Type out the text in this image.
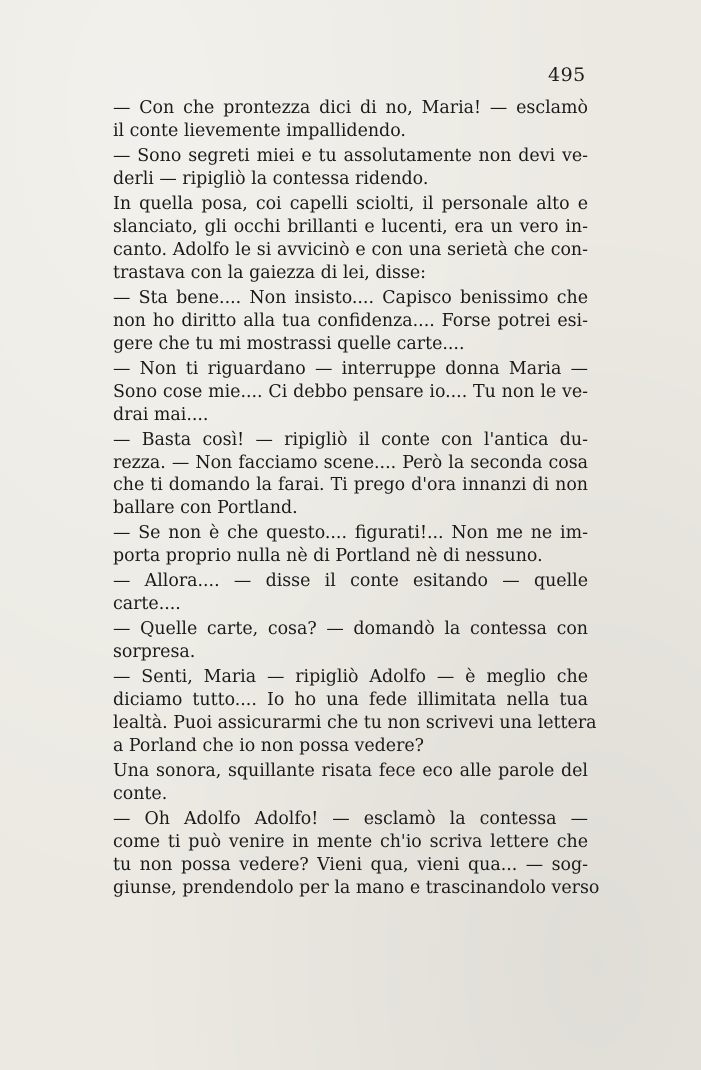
495

— Con che prontezza dici di no, Maria! — esclamò
il conte lievemente impallidendo.

— Sono segreti miei e tu assolutamente non devi ve-
derli — ripigliò la contessa ridendo.

In quella posa, coi capelli sciolti, il personale alto e
slanciato, gli occhi brillanti e lucenti, era un vero in-
canto. Adolfo le si avvicinò e con una serietà che con-
trastava con la gaiezza di lei, disse:

— Sta bene.... Non insisto.... Capisco benissimo che
non ho diritto alla tua confidenza.... Forse potrei esi-
gere che tu mi mostrassi quelle carte....

— Non ti riguardano — interruppe donna Maria —
Sono cose mie.... Ci debbo pensare io.... Tu non le ve-
drai mai....

— Basta così! — ripigliò il conte con l'antica du-
rezza. — Non facciamo scene.... Però la seconda cosa
che ti domando la farai. Ti prego d'ora innanzi di non
ballare con Portland.

— Se non è che questo.... figurati!... Non me ne im-
porta proprio nulla nè di Portland nè di nessuno.

— Allora.... — disse il conte esitando — quelle
carte....

— Quelle carte, cosa? — domandò la contessa con
sorpresa.

— Senti, Maria — ripigliò Adolfo — è meglio che
diciamo tutto.... Io ho una fede illimitata nella tua
lealtà. Puoi assicurarmi che tu non scrivevi una lettera
a Porland che io non possa vedere?

Una sonora, squillante risata fece eco alle parole del
conte.

— Oh Adolfo Adolfo! — esclamò la contessa —
come ti può venire in mente ch'io scriva lettere che
tu non possa vedere? Vieni qua, vieni qua... — sog-
giunse, prendendolo per la mano e trascinandolo verso
